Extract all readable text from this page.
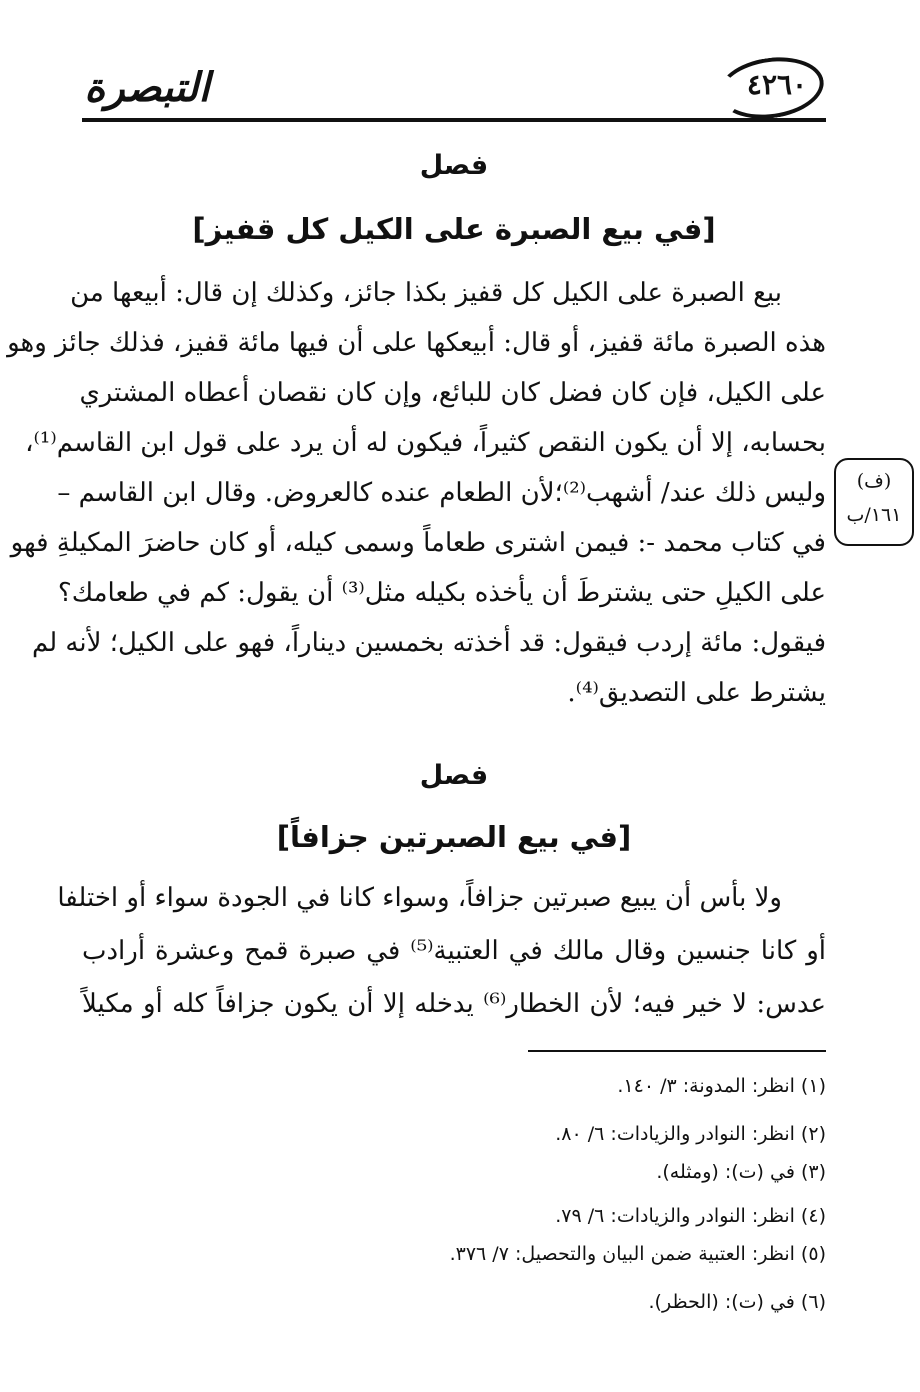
التبصرة	٤٢٦٠
فصل
[في بيع الصبرة على الكيل كل قفيز]
بيع الصبرة على الكيل كل قفيز بكذا جائز، وكذلك إن قال: أبيعها من
هذه الصبرة مائة قفيز، أو قال: أبيعكها على أن فيها مائة قفيز، فذلك جائز وهو
على الكيل، فإن كان فضل كان للبائع، وإن كان نقصان أعطاه المشتري
بحسابه، إلا أن يكون النقص كثيراً، فيكون له أن يرد على قول ابن القاسم⁽¹⁾،
وليس ذلك عند/ أشهب⁽²⁾؛لأن الطعام عنده كالعروض. وقال ابن القاسم –
في كتاب محمد -: فيمن اشترى طعاماً وسمى كيله، أو كان حاضرَ المكيلةِ فهو
على الكيلِ حتى يشترطَ أن يأخذه بكيله مثل⁽³⁾ أن يقول: كم في طعامك؟
فيقول: مائة إردب فيقول: قد أخذته بخمسين ديناراً، فهو على الكيل؛ لأنه لم
يشترط على التصديق⁽⁴⁾.
(ف)
١٦١/ب
فصل
[في بيع الصبرتين جزافاً]
ولا بأس أن يبيع صبرتين جزافاً، وسواء كانا في الجودة سواء أو اختلفا
أو كانا جنسين وقال مالك في العتبية⁽⁵⁾ في صبرة قمح وعشرة أرادب
عدس: لا خير فيه؛ لأن الخطار⁽⁶⁾ يدخله إلا أن يكون جزافاً كله أو مكيلاً
(١) انظر: المدونة: ٣/ ١٤٠.
(٢) انظر: النوادر والزيادات: ٦/ ٨٠.
(٣) في (ت): (ومثله).
(٤) انظر: النوادر والزيادات: ٦/ ٧٩.
(٥) انظر: العتبية ضمن البيان والتحصيل: ٧/ ٣٧٦.
(٦) في (ت): (الحظر).
